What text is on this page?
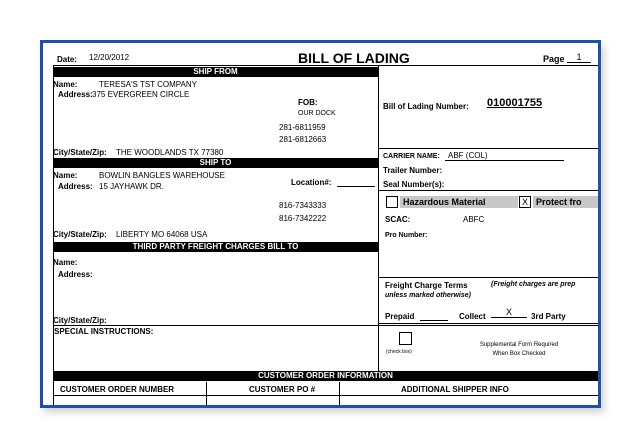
Date: 12/20/2012	BILL OF LADING	Page	1
SHIP FROM
Name:	TERESA'S TST COMPANY
Address: 375 EVERGREEN CIRCLE
FOB:
OUR DOCK
281-6811959
281-6812663
City/State/Zip: THE WOODLANDS TX 77380
SHIP TO
Name:	BOWLIN BANGLES WAREHOUSE
Address: 15 JAYHAWK DR.	Location#:
816-7343333
816-7342222
City/State/Zip: LIBERTY MO 64068 USA
THIRD PARTY FREIGHT CHARGES BILL TO
Name:
Address:
City/State/Zip:
SPECIAL INSTRUCTIONS:
Bill of Lading Number: 010001755
CARRIER NAME:	ABF (COL)
Trailer Number:
Seal Number(s):
Hazardous Material	X Protect fro
SCAC:	ABFC
Pro Number:
Freight Charge Terms	(Freight charges are prep
unless marked otherwise)
Prepaid	Collect	X	3rd Party
(check box)
Supplemental Form Required
When Box Checked
CUSTOMER ORDER INFORMATION
CUSTOMER ORDER NUMBER	CUSTOMER PO #	ADDITIONAL SHIPPER INFO
